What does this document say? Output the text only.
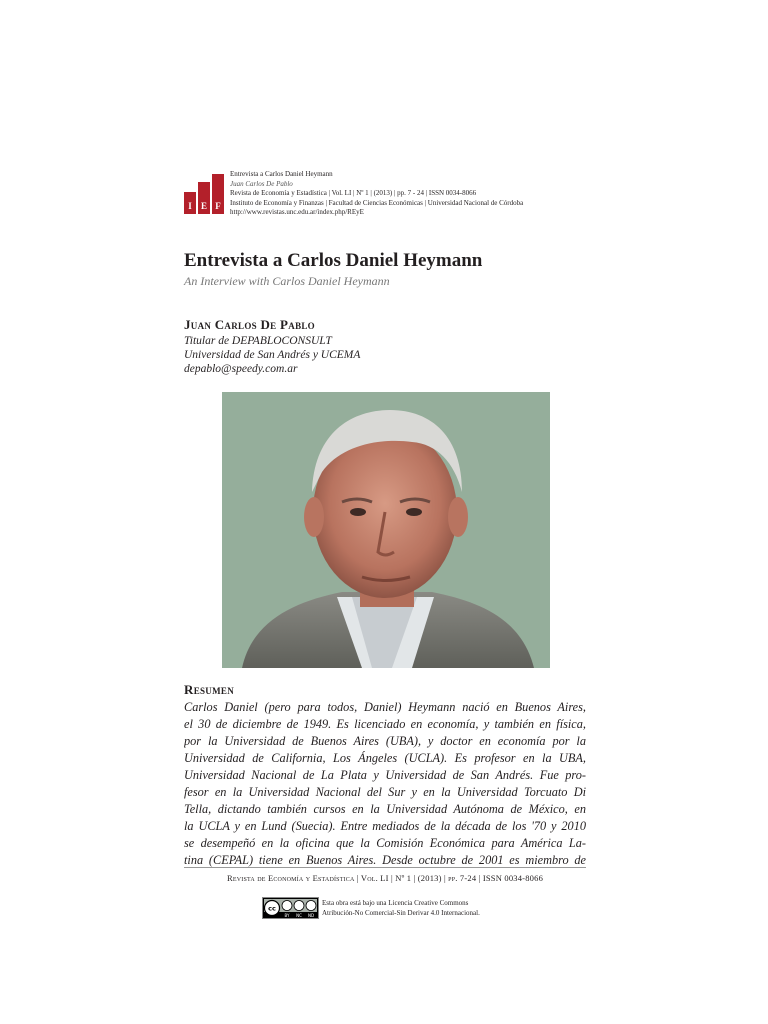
I	E F
Entrevista a Carlos Daniel Heymann
Juan Carlos De Pablo
Revista de Economía y Estadística | Vol. LI | Nº 1 | (2013) | pp. 7 - 24 | ISSN 0034-8066
Instituto de Economía y Finanzas | Facultad de Ciencias Económicas | Universidad Nacional de Córdoba
http://www.revistas.unc.edu.ar/index.php/REyE
Entrevista a Carlos Daniel Heymann
An Interview with Carlos Daniel Heymann
Juan Carlos De Pablo
Titular de DEPABLOCONSULT
Universidad de San Andrés y UCEMA
depablo@speedy.com.ar
Resumen
Carlos Daniel (pero para todos, Daniel) Heymann nació en Buenos Aires,
el 30 de diciembre de 1949. Es licenciado en economía, y también en física,
por la Universidad de Buenos Aires (UBA), y doctor en economía por la
Universidad de California, Los Ángeles (UCLA). Es profesor en la UBA,
Universidad Nacional de La Plata y Universidad de San Andrés. Fue pro-
fesor en la Universidad Nacional del Sur y en la Universidad Torcuato Di
Tella, dictando también cursos en la Universidad Autónoma de México, en
la UCLA y en Lund (Suecia). Entre mediados de la década de los '70 y 2010
se desempeñó en la oficina que la Comisión Económica para América La-
tina (CEPAL) tiene en Buenos Aires. Desde octubre de 2001 es miembro de
Revista de Economía y Estadística | Vol. LI | Nº 1 | (2013) | pp. 7-24 | ISSN 0034-8066
cc
BY NC ND
Esta obra está bajo una Licencia Creative Commons
Atribución-No Comercial-Sin Derivar 4.0 Internacional.
